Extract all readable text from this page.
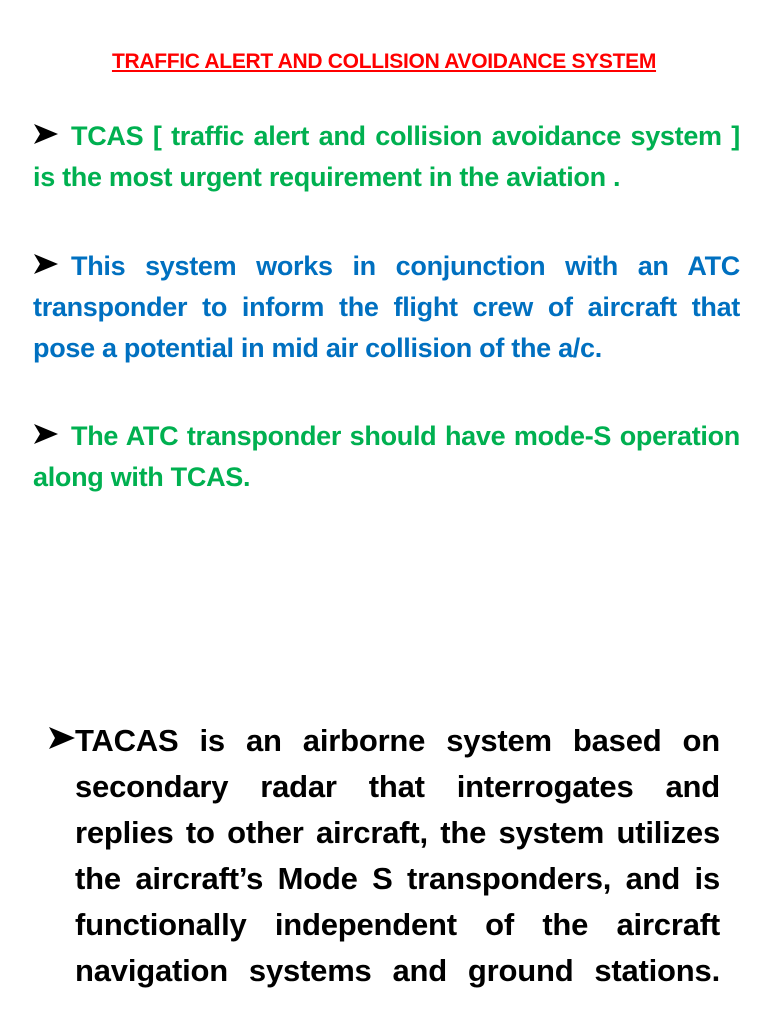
TRAFFIC ALERT AND COLLISION AVOIDANCE SYSTEM

TCAS [ traffic alert and collision avoidance system ] is the most urgent requirement in the aviation .

This system works in conjunction with an ATC transponder to inform the flight crew of aircraft that pose a potential in mid air collision of the a/c.

The ATC transponder should have mode-S operation along with TCAS.

TACAS is an airborne system based on secondary radar that interrogates and replies to other aircraft, the system utilizes the aircraft’s Mode S transponders, and is functionally independent of the aircraft navigation systems and ground stations.
